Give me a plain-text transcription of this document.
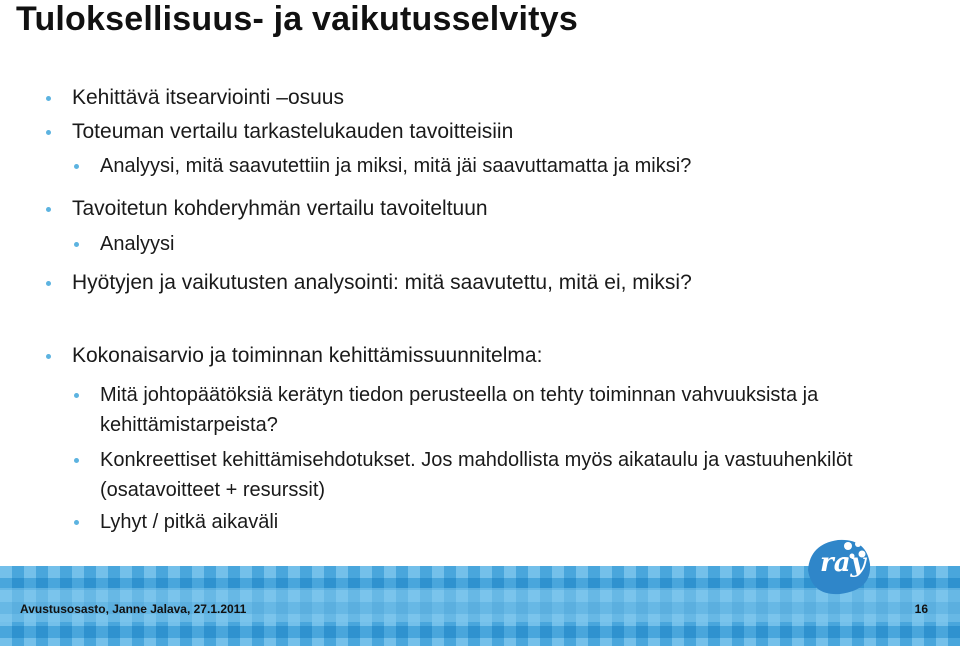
Tuloksellisuus- ja vaikutusselvitys
Kehittävä itsearviointi –osuus
Toteuman vertailu tarkastelukauden tavoitteisiin
Analyysi, mitä saavutettiin ja miksi, mitä jäi saavuttamatta ja miksi?
Tavoitetun kohderyhmän vertailu tavoiteltuun
Analyysi
Hyötyjen ja vaikutusten analysointi: mitä saavutettu, mitä ei, miksi?
Kokonaisarvio ja toiminnan kehittämissuunnitelma:
Mitä johtopäätöksiä kerätyn tiedon perusteella on tehty toiminnan vahvuuksista ja kehittämistarpeista?
Konkreettiset kehittämisehdotukset. Jos mahdollista myös aikataulu ja vastuuhenkilöt (osatavoitteet + resurssit)
Lyhyt / pitkä aikaväli
ray
Avustusosasto, Janne Jalava, 27.1.2011	16
